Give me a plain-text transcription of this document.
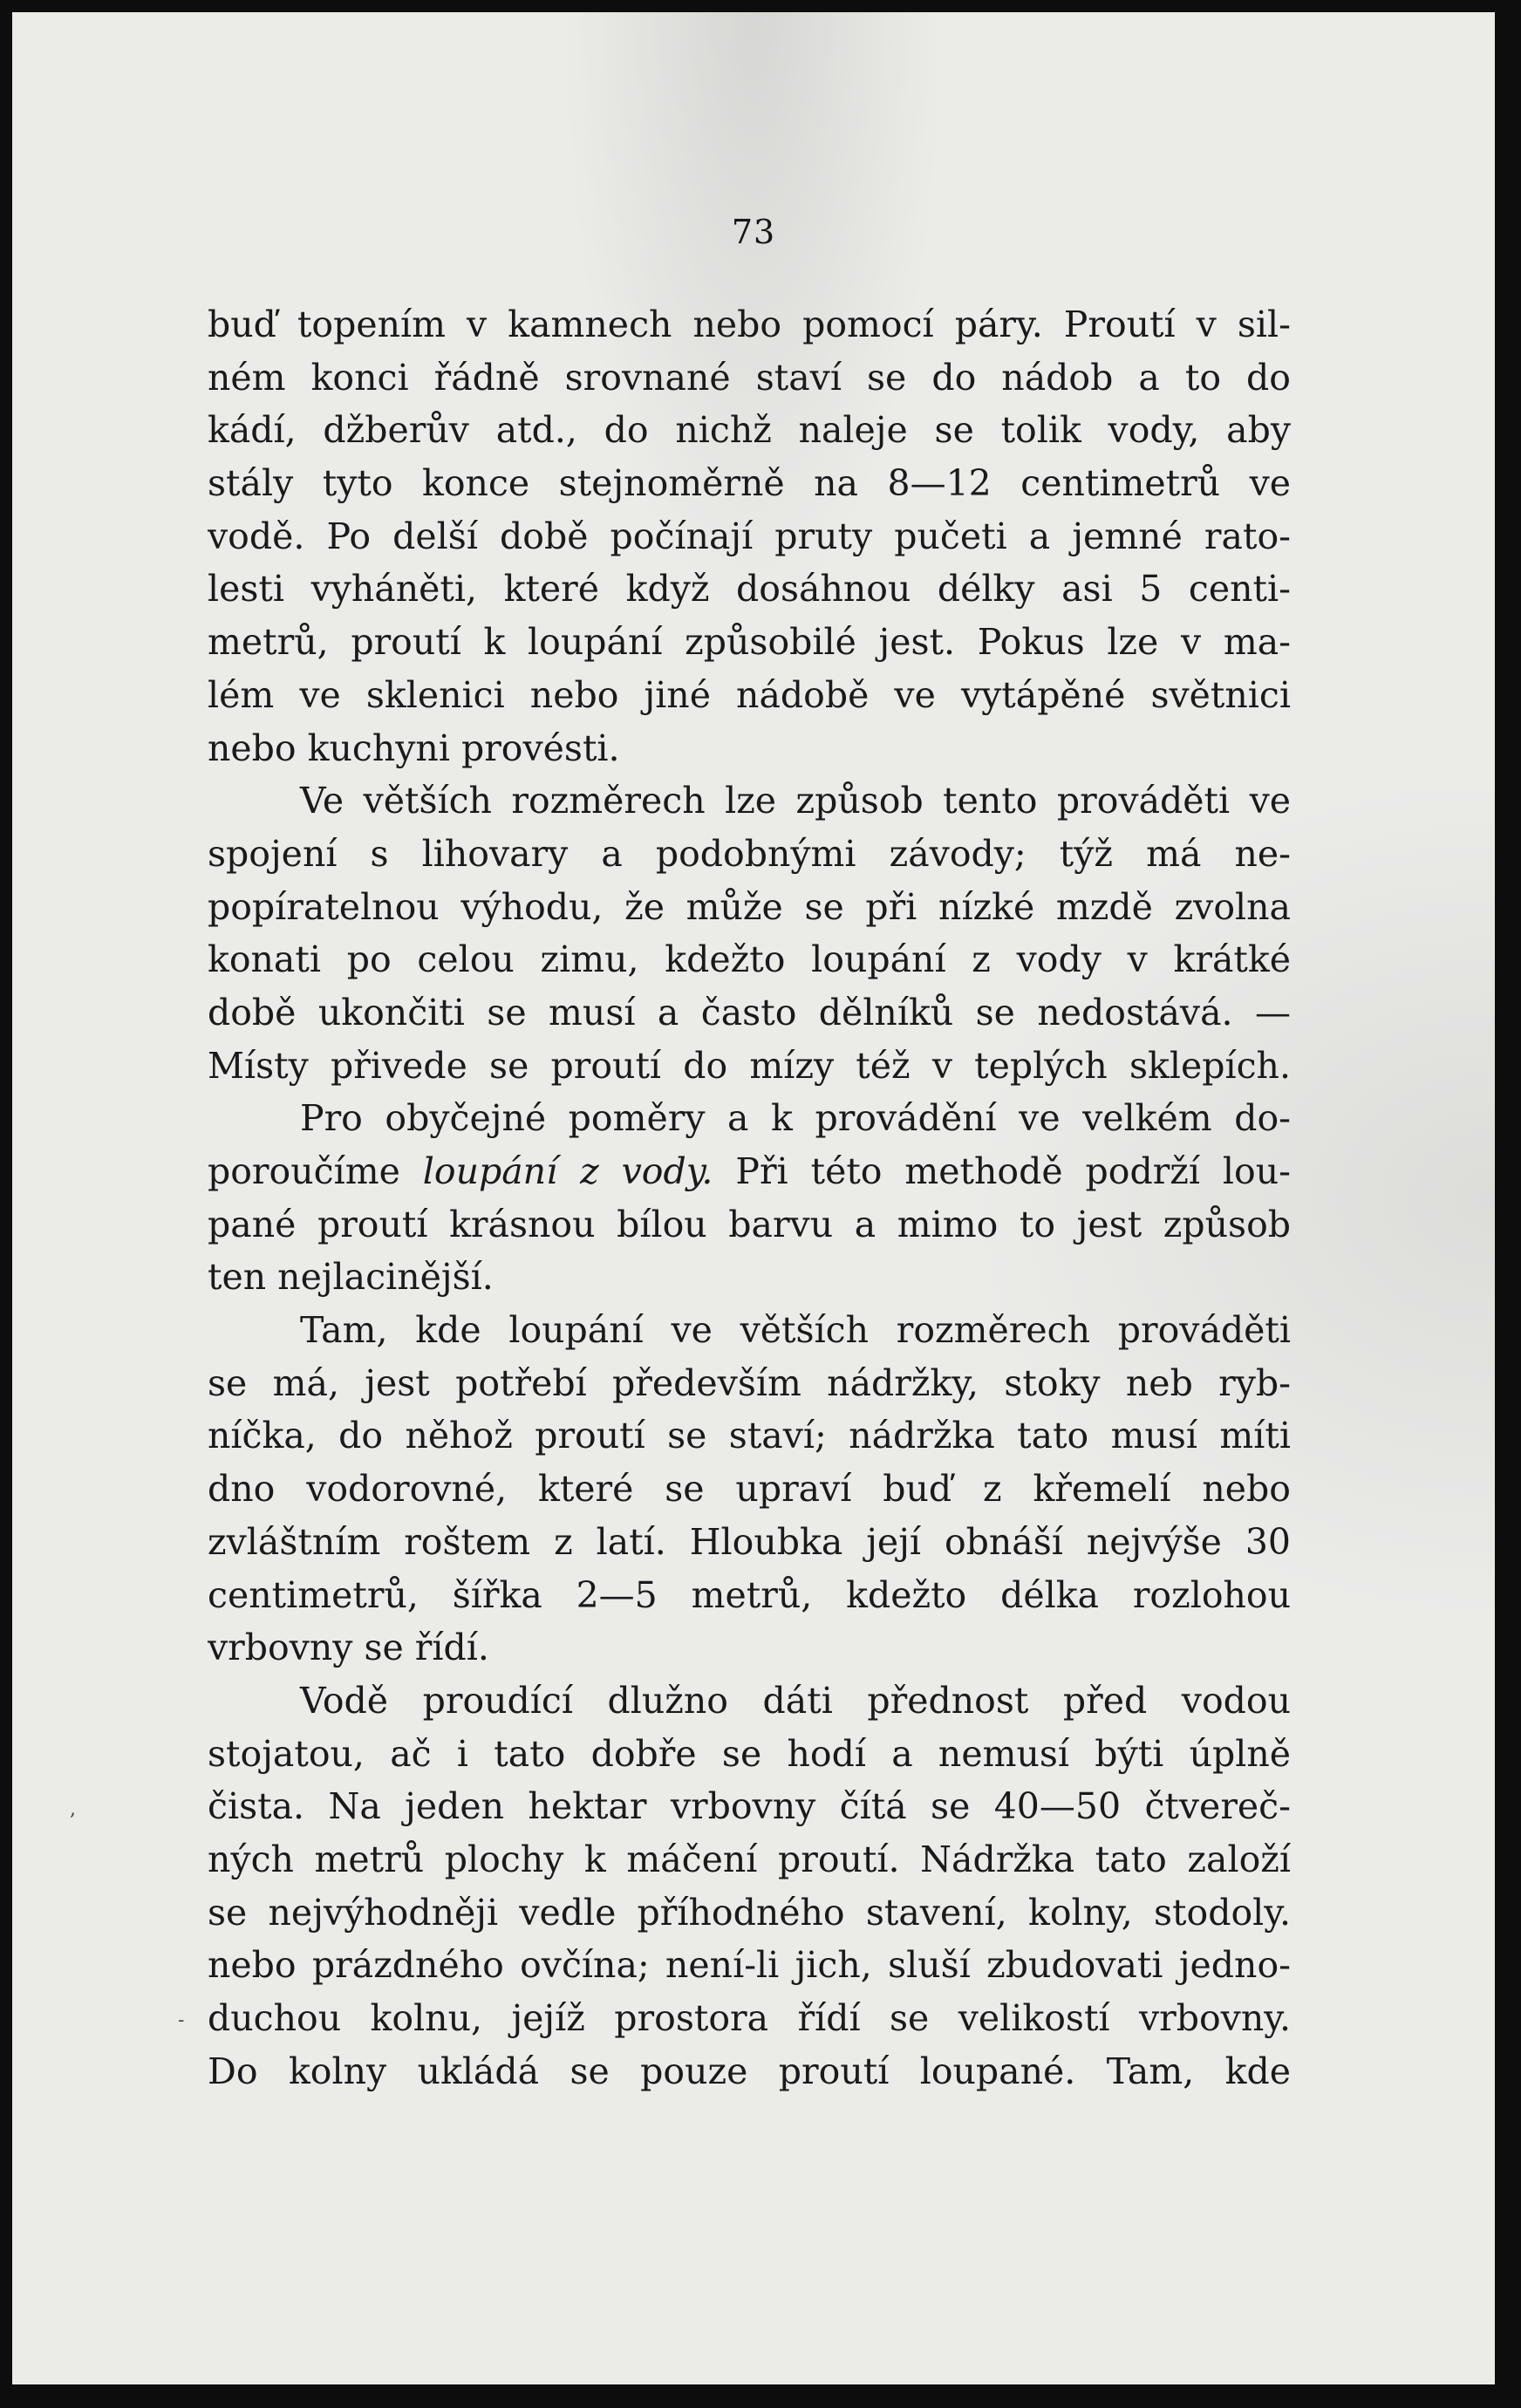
73
buď topením v kamnech nebo pomocí páry. Proutí v sil-
ném konci řádně srovnané staví se do nádob a to do
kádí, džberův atd., do nichž naleje se tolik vody, aby
stály tyto konce stejnoměrně na 8—12 centimetrů ve
vodě. Po delší době počínají pruty pučeti a jemné rato-
lesti vyháněti, které když dosáhnou délky asi 5 centi-
metrů, proutí k loupání způsobilé jest. Pokus lze v ma-
lém ve sklenici nebo jiné nádobě ve vytápěné světnici
nebo kuchyni provésti.
Ve větších rozměrech lze způsob tento prováděti ve
spojení s lihovary a podobnými závody; týž má ne-
popíratelnou výhodu, že může se při nízké mzdě zvolna
konati po celou zimu, kdežto loupání z vody v krátké
době ukončiti se musí a často dělníků se nedostává. —
Místy přivede se proutí do mízy též v teplých sklepích.
Pro obyčejné poměry a k provádění ve velkém do-
poroučíme loupání z vody. Při této methodě podrží lou-
pané proutí krásnou bílou barvu a mimo to jest způsob
ten nejlacinější.
Tam, kde loupání ve větších rozměrech prováděti
se má, jest potřebí především nádržky, stoky neb ryb-
níčka, do něhož proutí se staví; nádržka tato musí míti
dno vodorovné, které se upraví buď z křemelí nebo
zvláštním roštem z latí. Hloubka její obnáší nejvýše 30
centimetrů, šířka 2—5 metrů, kdežto délka rozlohou
vrbovny se řídí.
Vodě proudící dlužno dáti přednost před vodou
stojatou, ač i tato dobře se hodí a nemusí býti úplně
čista. Na jeden hektar vrbovny čítá se 40—50 čtvereč-
ných metrů plochy k máčení proutí. Nádržka tato založí
se nejvýhodněji vedle příhodného stavení, kolny, stodoly.
nebo prázdného ovčína; není-li jich, sluší zbudovati jedno-
duchou kolnu, jejíž prostora řídí se velikostí vrbovny.
Do kolny ukládá se pouze proutí loupané. Tam, kde
,
-
